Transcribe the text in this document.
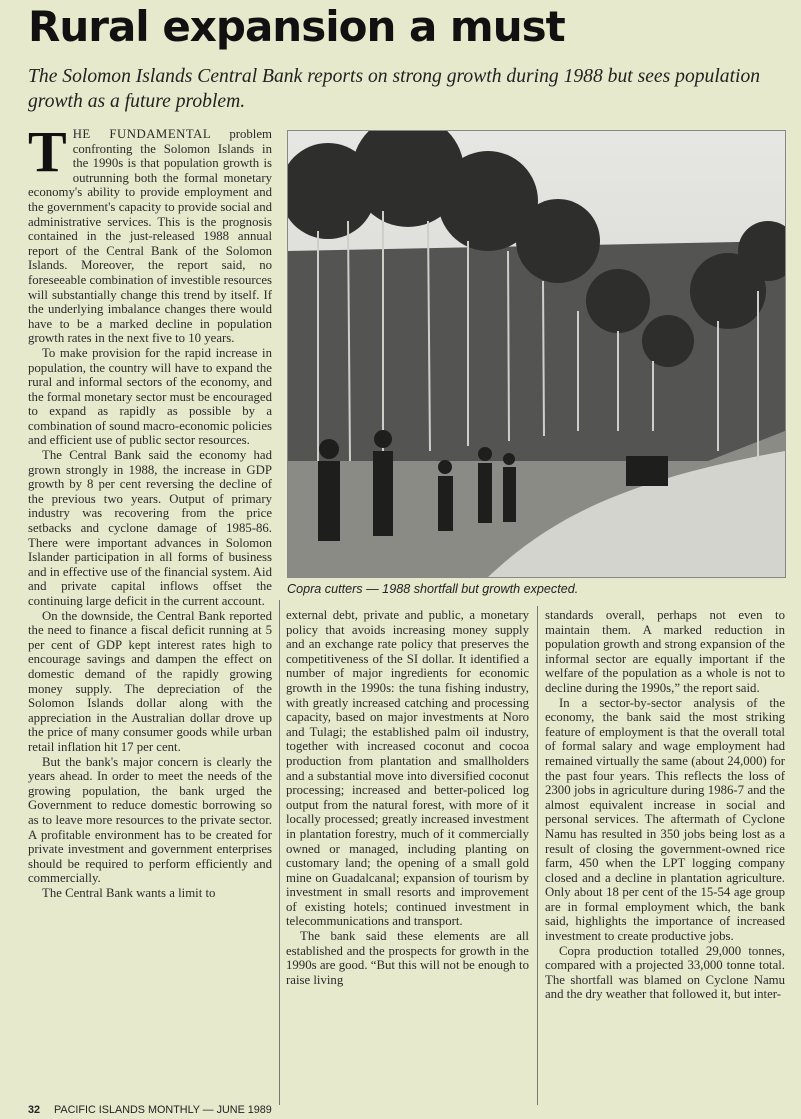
Rural expansion a must
The Solomon Islands Central Bank reports on strong growth during 1988 but sees population growth as a future problem.

THE FUNDAMENTAL problem confronting the Solomon Islands in the 1990s is that population growth is outrunning both the formal monetary economy's ability to provide employment and the government's capacity to provide social and administrative services. This is the prognosis contained in the just-released 1988 annual report of the Central Bank of the Solomon Islands. Moreover, the report said, no foreseeable combination of investible resources will substantially change this trend by itself. If the underlying imbalance changes there would have to be a marked decline in population growth rates in the next five to 10 years.

To make provision for the rapid increase in population, the country will have to expand the rural and informal sectors of the economy, and the formal monetary sector must be encouraged to expand as rapidly as possible by a combination of sound macro-economic policies and efficient use of public sector resources.

The Central Bank said the economy had grown strongly in 1988, the increase in GDP growth by 8 per cent reversing the decline of the previous two years. Output of primary industry was recovering from the price setbacks and cyclone damage of 1985-86. There were important advances in Solomon Islander participation in all forms of business and in effective use of the financial system. Aid and private capital inflows offset the continuing large deficit in the current account.

On the downside, the Central Bank reported the need to finance a fiscal deficit running at 5 per cent of GDP kept interest rates high to encourage savings and dampen the effect on domestic demand of the rapidly growing money supply. The depreciation of the Solomon Islands dollar along with the appreciation in the Australian dollar drove up the price of many consumer goods while urban retail inflation hit 17 per cent.

But the bank's major concern is clearly the years ahead. In order to meet the needs of the growing population, the bank urged the Government to reduce domestic borrowing so as to leave more resources to the private sector. A profitable environment has to be created for private investment and government enterprises should be required to perform efficiently and commercially.

The Central Bank wants a limit to

Copra cutters — 1988 shortfall but growth expected.

external debt, private and public, a monetary policy that avoids increasing money supply and an exchange rate policy that preserves the competitiveness of the SI dollar. It identified a number of major ingredients for economic growth in the 1990s: the tuna fishing industry, with greatly increased catching and processing capacity, based on major investments at Noro and Tulagi; the established palm oil industry, together with increased coconut and cocoa production from plantation and smallholders and a substantial move into diversified coconut processing; increased and better-policed log output from the natural forest, with more of it locally processed; greatly increased investment in plantation forestry, much of it commercially owned or managed, including planting on customary land; the opening of a small gold mine on Guadalcanal; expansion of tourism by investment in small resorts and improvement of existing hotels; continued investment in telecommunications and transport.

The bank said these elements are all established and the prospects for growth in the 1990s are good. “But this will not be enough to raise living

standards overall, perhaps not even to maintain them. A marked reduction in population growth and strong expansion of the informal sector are equally important if the welfare of the population as a whole is not to decline during the 1990s,” the report said.

In a sector-by-sector analysis of the economy, the bank said the most striking feature of employment is that the overall total of formal salary and wage employment had remained virtually the same (about 24,000) for the past four years. This reflects the loss of 2300 jobs in agriculture during 1986-7 and the almost equivalent increase in social and personal services. The aftermath of Cyclone Namu has resulted in 350 jobs being lost as a result of closing the government-owned rice farm, 450 when the LPT logging company closed and a decline in plantation agriculture. Only about 18 per cent of the 15-54 age group are in formal employment which, the bank said, highlights the importance of increased investment to create productive jobs.

Copra production totalled 29,000 tonnes, compared with a projected 33,000 tonne total. The shortfall was blamed on Cyclone Namu and the dry weather that followed it, but inter-

32 PACIFIC ISLANDS MONTHLY — JUNE 1989
